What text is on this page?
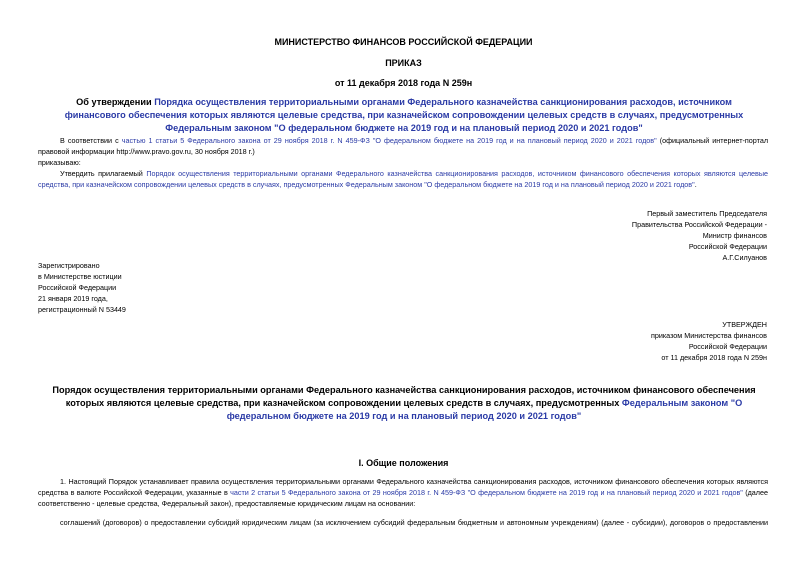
МИНИСТЕРСТВО ФИНАНСОВ РОССИЙСКОЙ ФЕДЕРАЦИИ
ПРИКАЗ
от 11 декабря 2018 года N 259н
Об утверждении Порядка осуществления территориальными органами Федерального казначейства санкционирования расходов, источником финансового обеспечения которых являются целевые средства, при казначейском сопровождении целевых средств в случаях, предусмотренных Федеральным законом "О федеральном бюджете на 2019 год и на плановый период 2020 и 2021 годов"
В соответствии с частью 1 статьи 5 Федерального закона от 29 ноября 2018 г. N 459-ФЗ "О федеральном бюджете на 2019 год и на плановый период 2020 и 2021 годов" (официальный интернет-портал правовой информации http://www.pravo.gov.ru, 30 ноября 2018 г.)
приказываю:
Утвердить прилагаемый Порядок осуществления территориальными органами Федерального казначейства санкционирования расходов, источником финансового обеспечения которых являются целевые средства, при казначейском сопровождении целевых средств в случаях, предусмотренных Федеральным законом "О федеральном бюджете на 2019 год и на плановый период 2020 и 2021 годов".
Первый заместитель Председателя
Правительства Российской Федерации -
Министр финансов
Российской Федерации
А.Г.Силуанов
Зарегистрировано
в Министерстве юстиции
Российской Федерации
21 января 2019 года,
регистрационный N 53449
УТВЕРЖДЕН
приказом Министерства финансов
Российской Федерации
от 11 декабря 2018 года N 259н
Порядок осуществления территориальными органами Федерального казначейства санкционирования расходов, источником финансового обеспечения которых являются целевые средства, при казначейском сопровождении целевых средств в случаях, предусмотренных Федеральным законом "О федеральном бюджете на 2019 год и на плановый период 2020 и 2021 годов"
I. Общие положения
1. Настоящий Порядок устанавливает правила осуществления территориальными органами Федерального казначейства санкционирования расходов, источником финансового обеспечения которых являются средства в валюте Российской Федерации, указанные в части 2 статьи 5 Федерального закона от 29 ноября 2018 г. N 459-ФЗ "О федеральном бюджете на 2019 год и на плановый период 2020 и 2021 годов" (далее соответственно - целевые средства, Федеральный закон), предоставляемые юридическим лицам на основании:
соглашений (договоров) о предоставлении субсидий юридическим лицам (за исключением субсидий федеральным бюджетным и автономным учреждениям) (далее - субсидии), договоров о предоставлении
